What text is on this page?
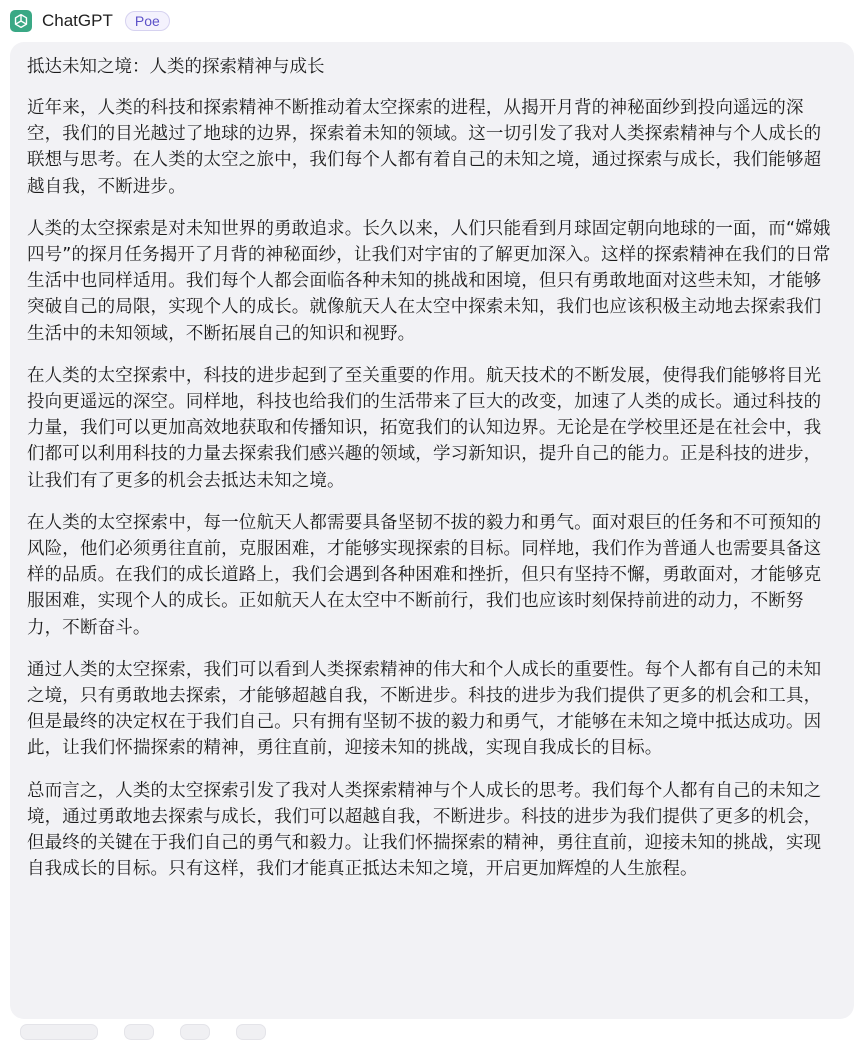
ChatGPT	Poe
抵达未知之境：人类的探索精神与成长

近年来，人类的科技和探索精神不断推动着太空探索的进程，从揭开月背的神秘面纱到投向遥远的深空，我们的目光越过了地球的边界，探索着未知的领域。这一切引发了我对人类探索精神与个人成长的联想与思考。在人类的太空之旅中，我们每个人都有着自己的未知之境，通过探索与成长，我们能够超越自我，不断进步。

人类的太空探索是对未知世界的勇敢追求。长久以来，人们只能看到月球固定朝向地球的一面，而“嫦娥四号”的探月任务揭开了月背的神秘面纱，让我们对宇宙的了解更加深入。这样的探索精神在我们的日常生活中也同样适用。我们每个人都会面临各种未知的挑战和困境，但只有勇敢地面对这些未知，才能够突破自己的局限，实现个人的成长。就像航天人在太空中探索未知，我们也应该积极主动地去探索我们生活中的未知领域，不断拓展自己的知识和视野。

在人类的太空探索中，科技的进步起到了至关重要的作用。航天技术的不断发展，使得我们能够将目光投向更遥远的深空。同样地，科技也给我们的生活带来了巨大的改变，加速了人类的成长。通过科技的力量，我们可以更加高效地获取和传播知识，拓宽我们的认知边界。无论是在学校里还是在社会中，我们都可以利用科技的力量去探索我们感兴趣的领域，学习新知识，提升自己的能力。正是科技的进步，让我们有了更多的机会去抵达未知之境。

在人类的太空探索中，每一位航天人都需要具备坚韧不拔的毅力和勇气。面对艰巨的任务和不可预知的风险，他们必须勇往直前，克服困难，才能够实现探索的目标。同样地，我们作为普通人也需要具备这样的品质。在我们的成长道路上，我们会遇到各种困难和挫折，但只有坚持不懈，勇敢面对，才能够克服困难，实现个人的成长。正如航天人在太空中不断前行，我们也应该时刻保持前进的动力，不断努力，不断奋斗。

通过人类的太空探索，我们可以看到人类探索精神的伟大和个人成长的重要性。每个人都有自己的未知之境，只有勇敢地去探索，才能够超越自我，不断进步。科技的进步为我们提供了更多的机会和工具，但是最终的决定权在于我们自己。只有拥有坚韧不拔的毅力和勇气，才能够在未知之境中抵达成功。因此，让我们怀揣探索的精神，勇往直前，迎接未知的挑战，实现自我成长的目标。

总而言之，人类的太空探索引发了我对人类探索精神与个人成长的思考。我们每个人都有自己的未知之境，通过勇敢地去探索与成长，我们可以超越自我，不断进步。科技的进步为我们提供了更多的机会，但最终的关键在于我们自己的勇气和毅力。让我们怀揣探索的精神，勇往直前，迎接未知的挑战，实现自我成长的目标。只有这样，我们才能真正抵达未知之境，开启更加辉煌的人生旅程。
